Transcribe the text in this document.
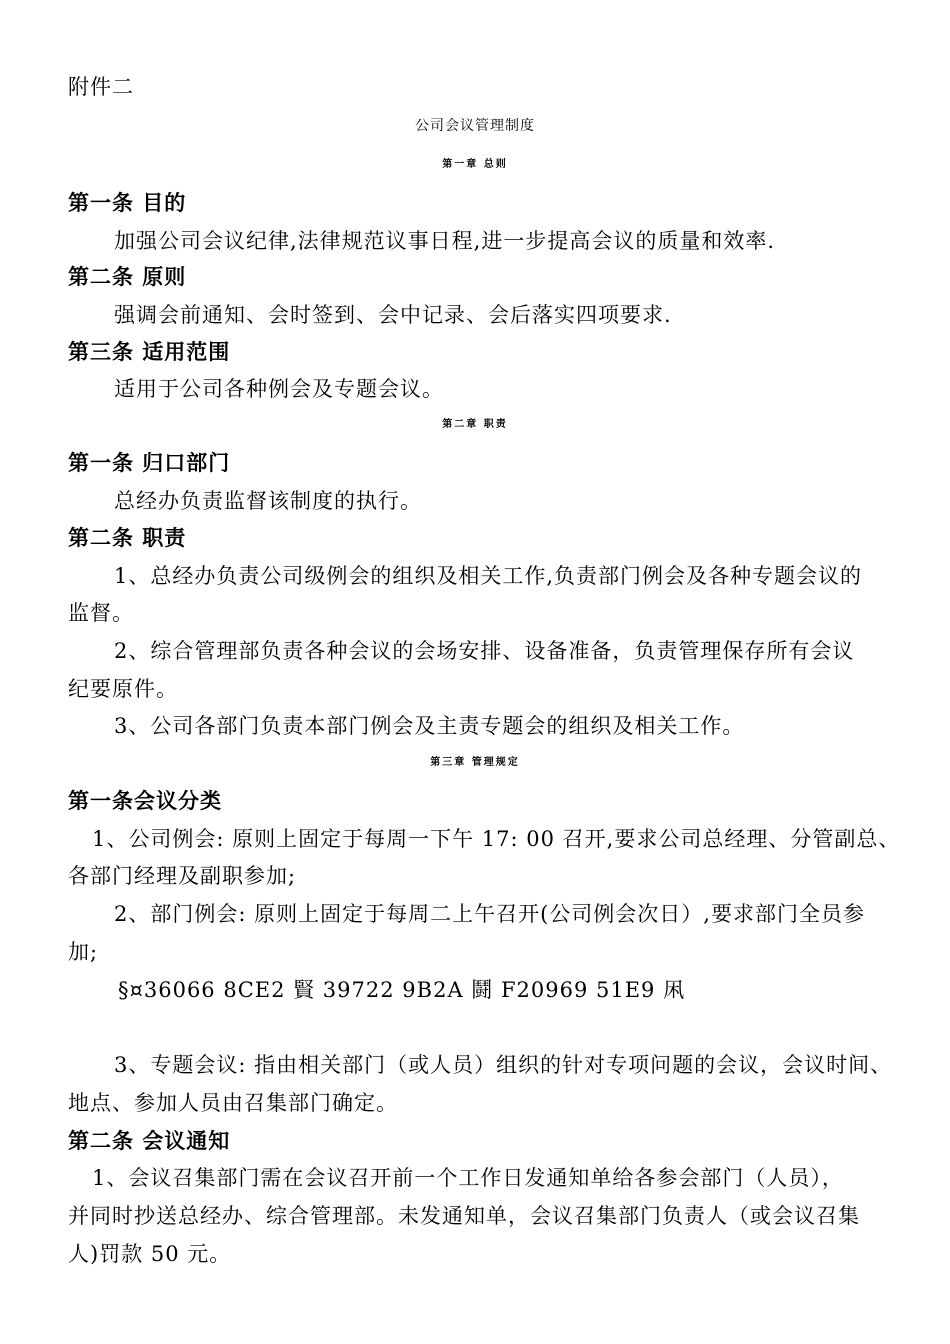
附件二
公司会议管理制度
第一章 总则
第一条 目的
加强公司会议纪律,法律规范议事日程,进一步提高会议的质量和效率.
第二条 原则
强调会前通知、会时签到、会中记录、会后落实四项要求.
第三条 适用范围
适用于公司各种例会及专题会议。
第二章 职责
第一条 归口部门
总经办负责监督该制度的执行。
第二条 职责
1、总经办负责公司级例会的组织及相关工作,负责部门例会及各种专题会议的
监督。
2、综合管理部负责各种会议的会场安排、设备准备，负责管理保存所有会议
纪要原件。
3、公司各部门负责本部门例会及主责专题会的组织及相关工作。
第三章 管理规定
第一条会议分类
1、公司例会: 原则上固定于每周一下午 17: 00 召开,要求公司总经理、分管副总、
各部门经理及副职参加;
2、部门例会: 原则上固定于每周二上午召开(公司例会次日）,要求部门全员参
加;
§¤36066 8CE2 賢 39722 9B2A 鬪 F20969 51E9 凩
3、专题会议: 指由相关部门（或人员）组织的针对专项问题的会议，会议时间、
地点、参加人员由召集部门确定。
第二条 会议通知
1、会议召集部门需在会议召开前一个工作日发通知单给各参会部门（人员），
并同时抄送总经办、综合管理部。未发通知单，会议召集部门负责人（或会议召集
人)罚款 50 元。
